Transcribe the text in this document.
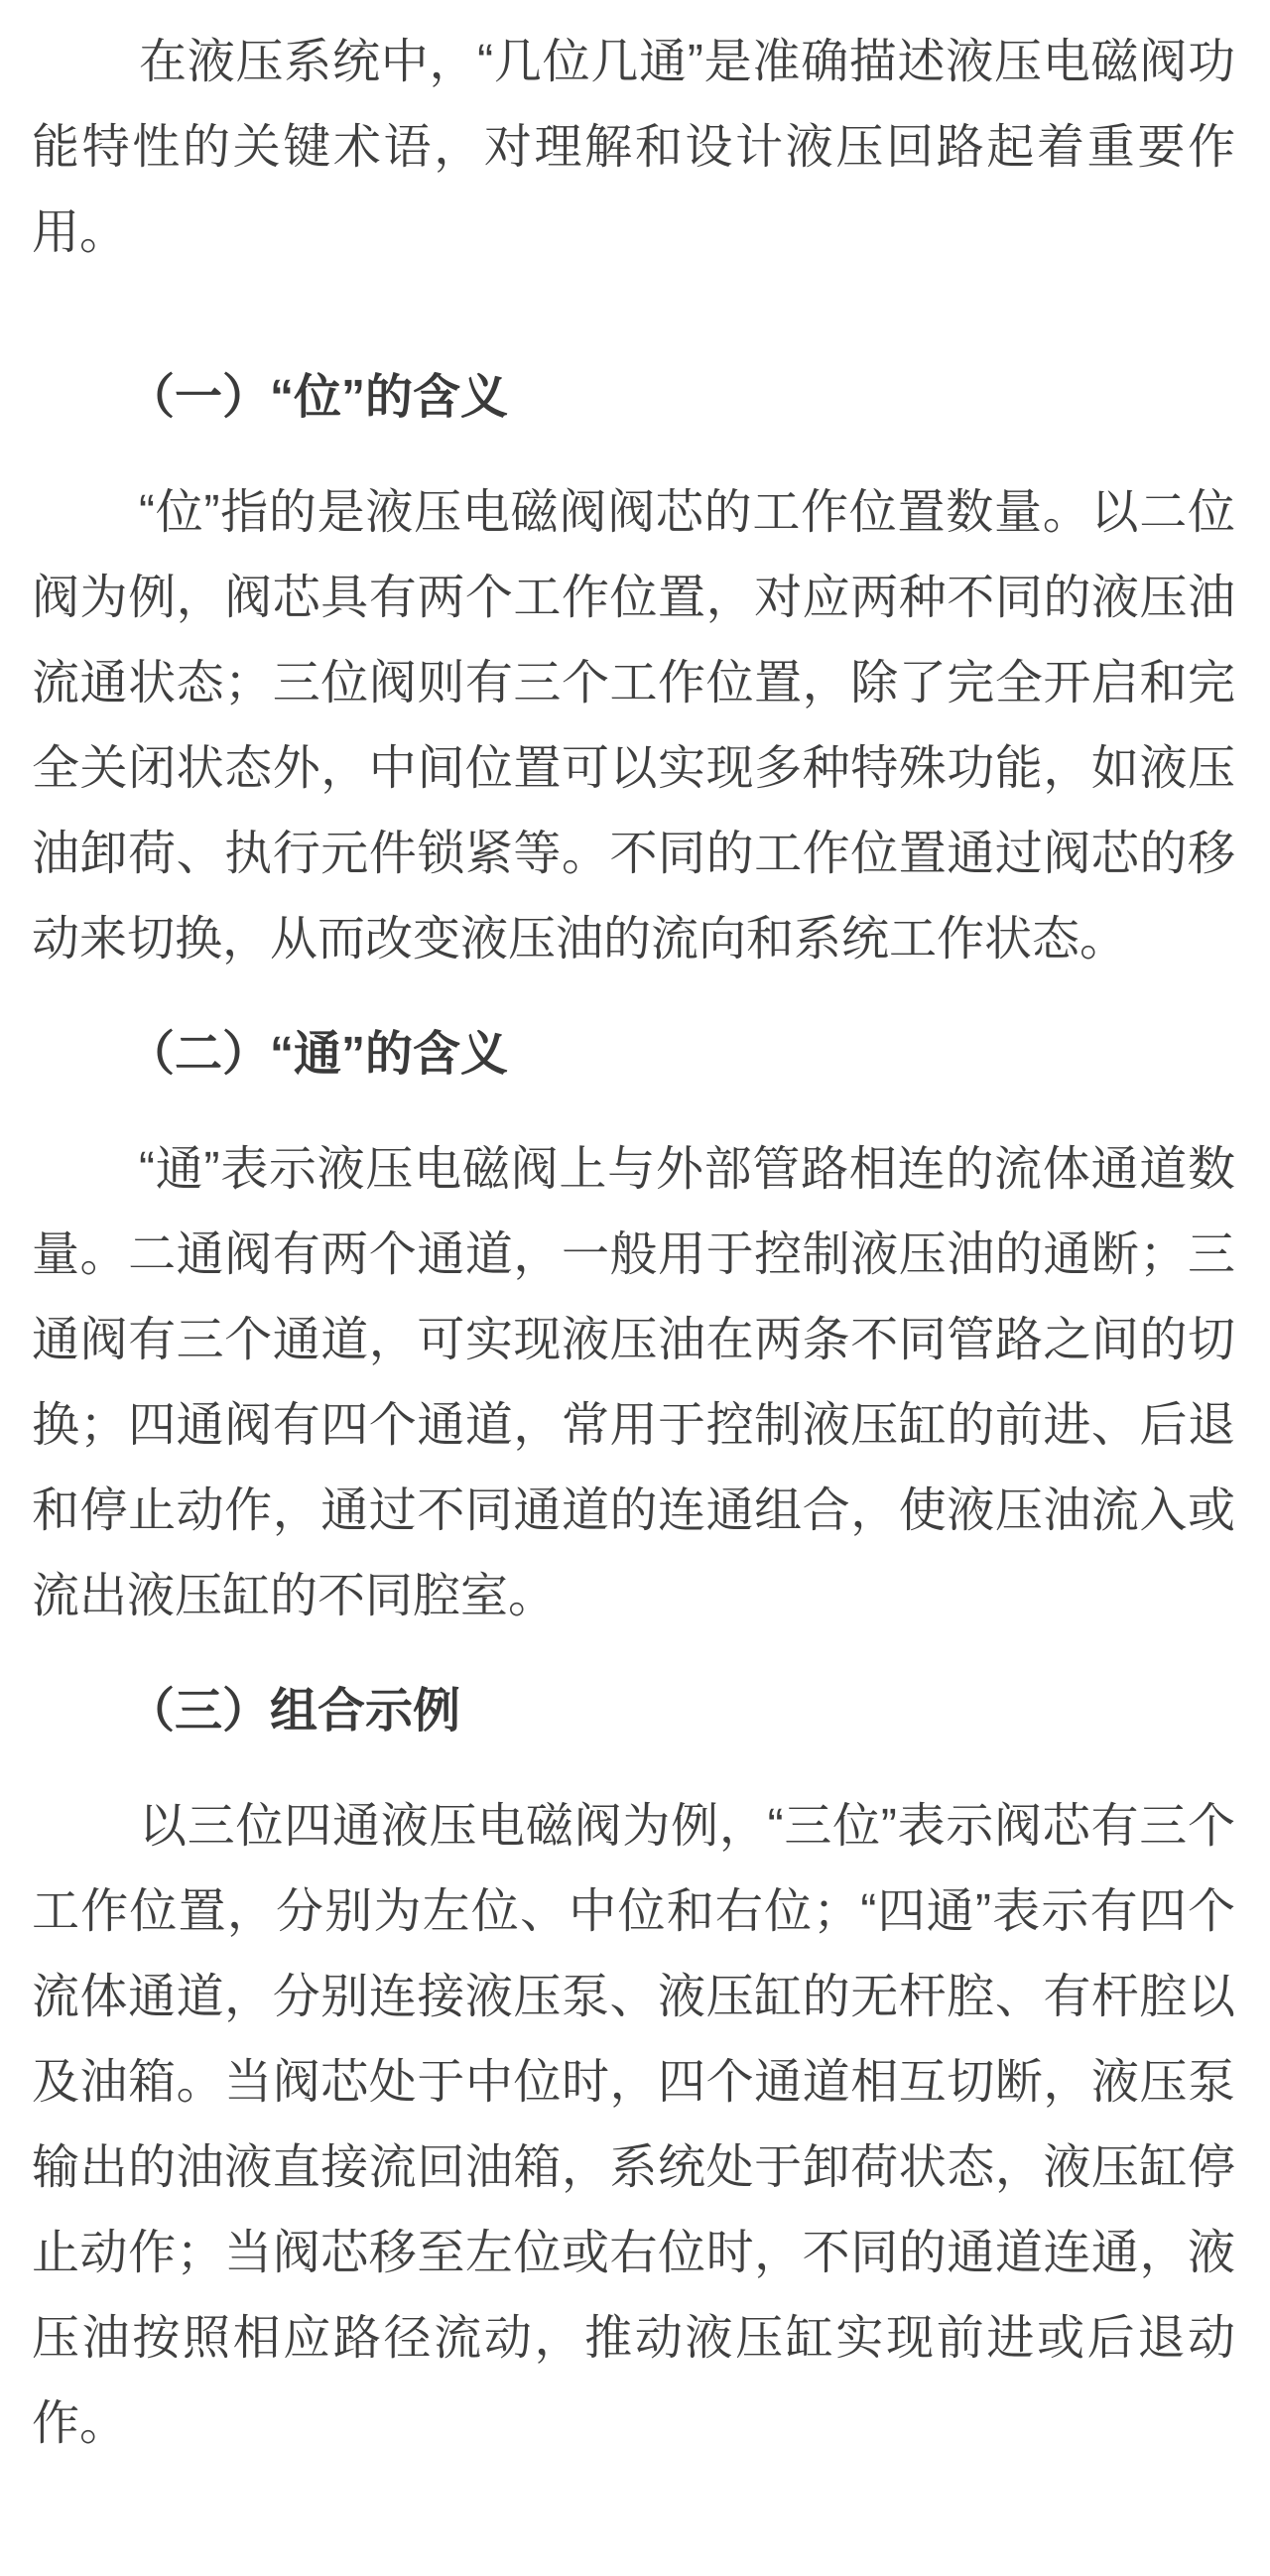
在液压系统中，“几位几通”是准确描述液压电磁阀功能特性的关键术语，对理解和设计液压回路起着重要作用。

（一）“位”的含义

“位”指的是液压电磁阀阀芯的工作位置数量。以二位阀为例，阀芯具有两个工作位置，对应两种不同的液压油流通状态；三位阀则有三个工作位置，除了完全开启和完全关闭状态外，中间位置可以实现多种特殊功能，如液压油卸荷、执行元件锁紧等。不同的工作位置通过阀芯的移动来切换，从而改变液压油的流向和系统工作状态。

（二）“通”的含义

“通”表示液压电磁阀上与外部管路相连的流体通道数量。二通阀有两个通道，一般用于控制液压油的通断；三通阀有三个通道，可实现液压油在两条不同管路之间的切换；四通阀有四个通道，常用于控制液压缸的前进、后退和停止动作，通过不同通道的连通组合，使液压油流入或流出液压缸的不同腔室。

（三）组合示例

以三位四通液压电磁阀为例，“三位”表示阀芯有三个工作位置，分别为左位、中位和右位；“四通”表示有四个流体通道，分别连接液压泵、液压缸的无杆腔、有杆腔以及油箱。当阀芯处于中位时，四个通道相互切断，液压泵输出的油液直接流回油箱，系统处于卸荷状态，液压缸停止动作；当阀芯移至左位或右位时，不同的通道连通，液压油按照相应路径流动，推动液压缸实现前进或后退动作。
